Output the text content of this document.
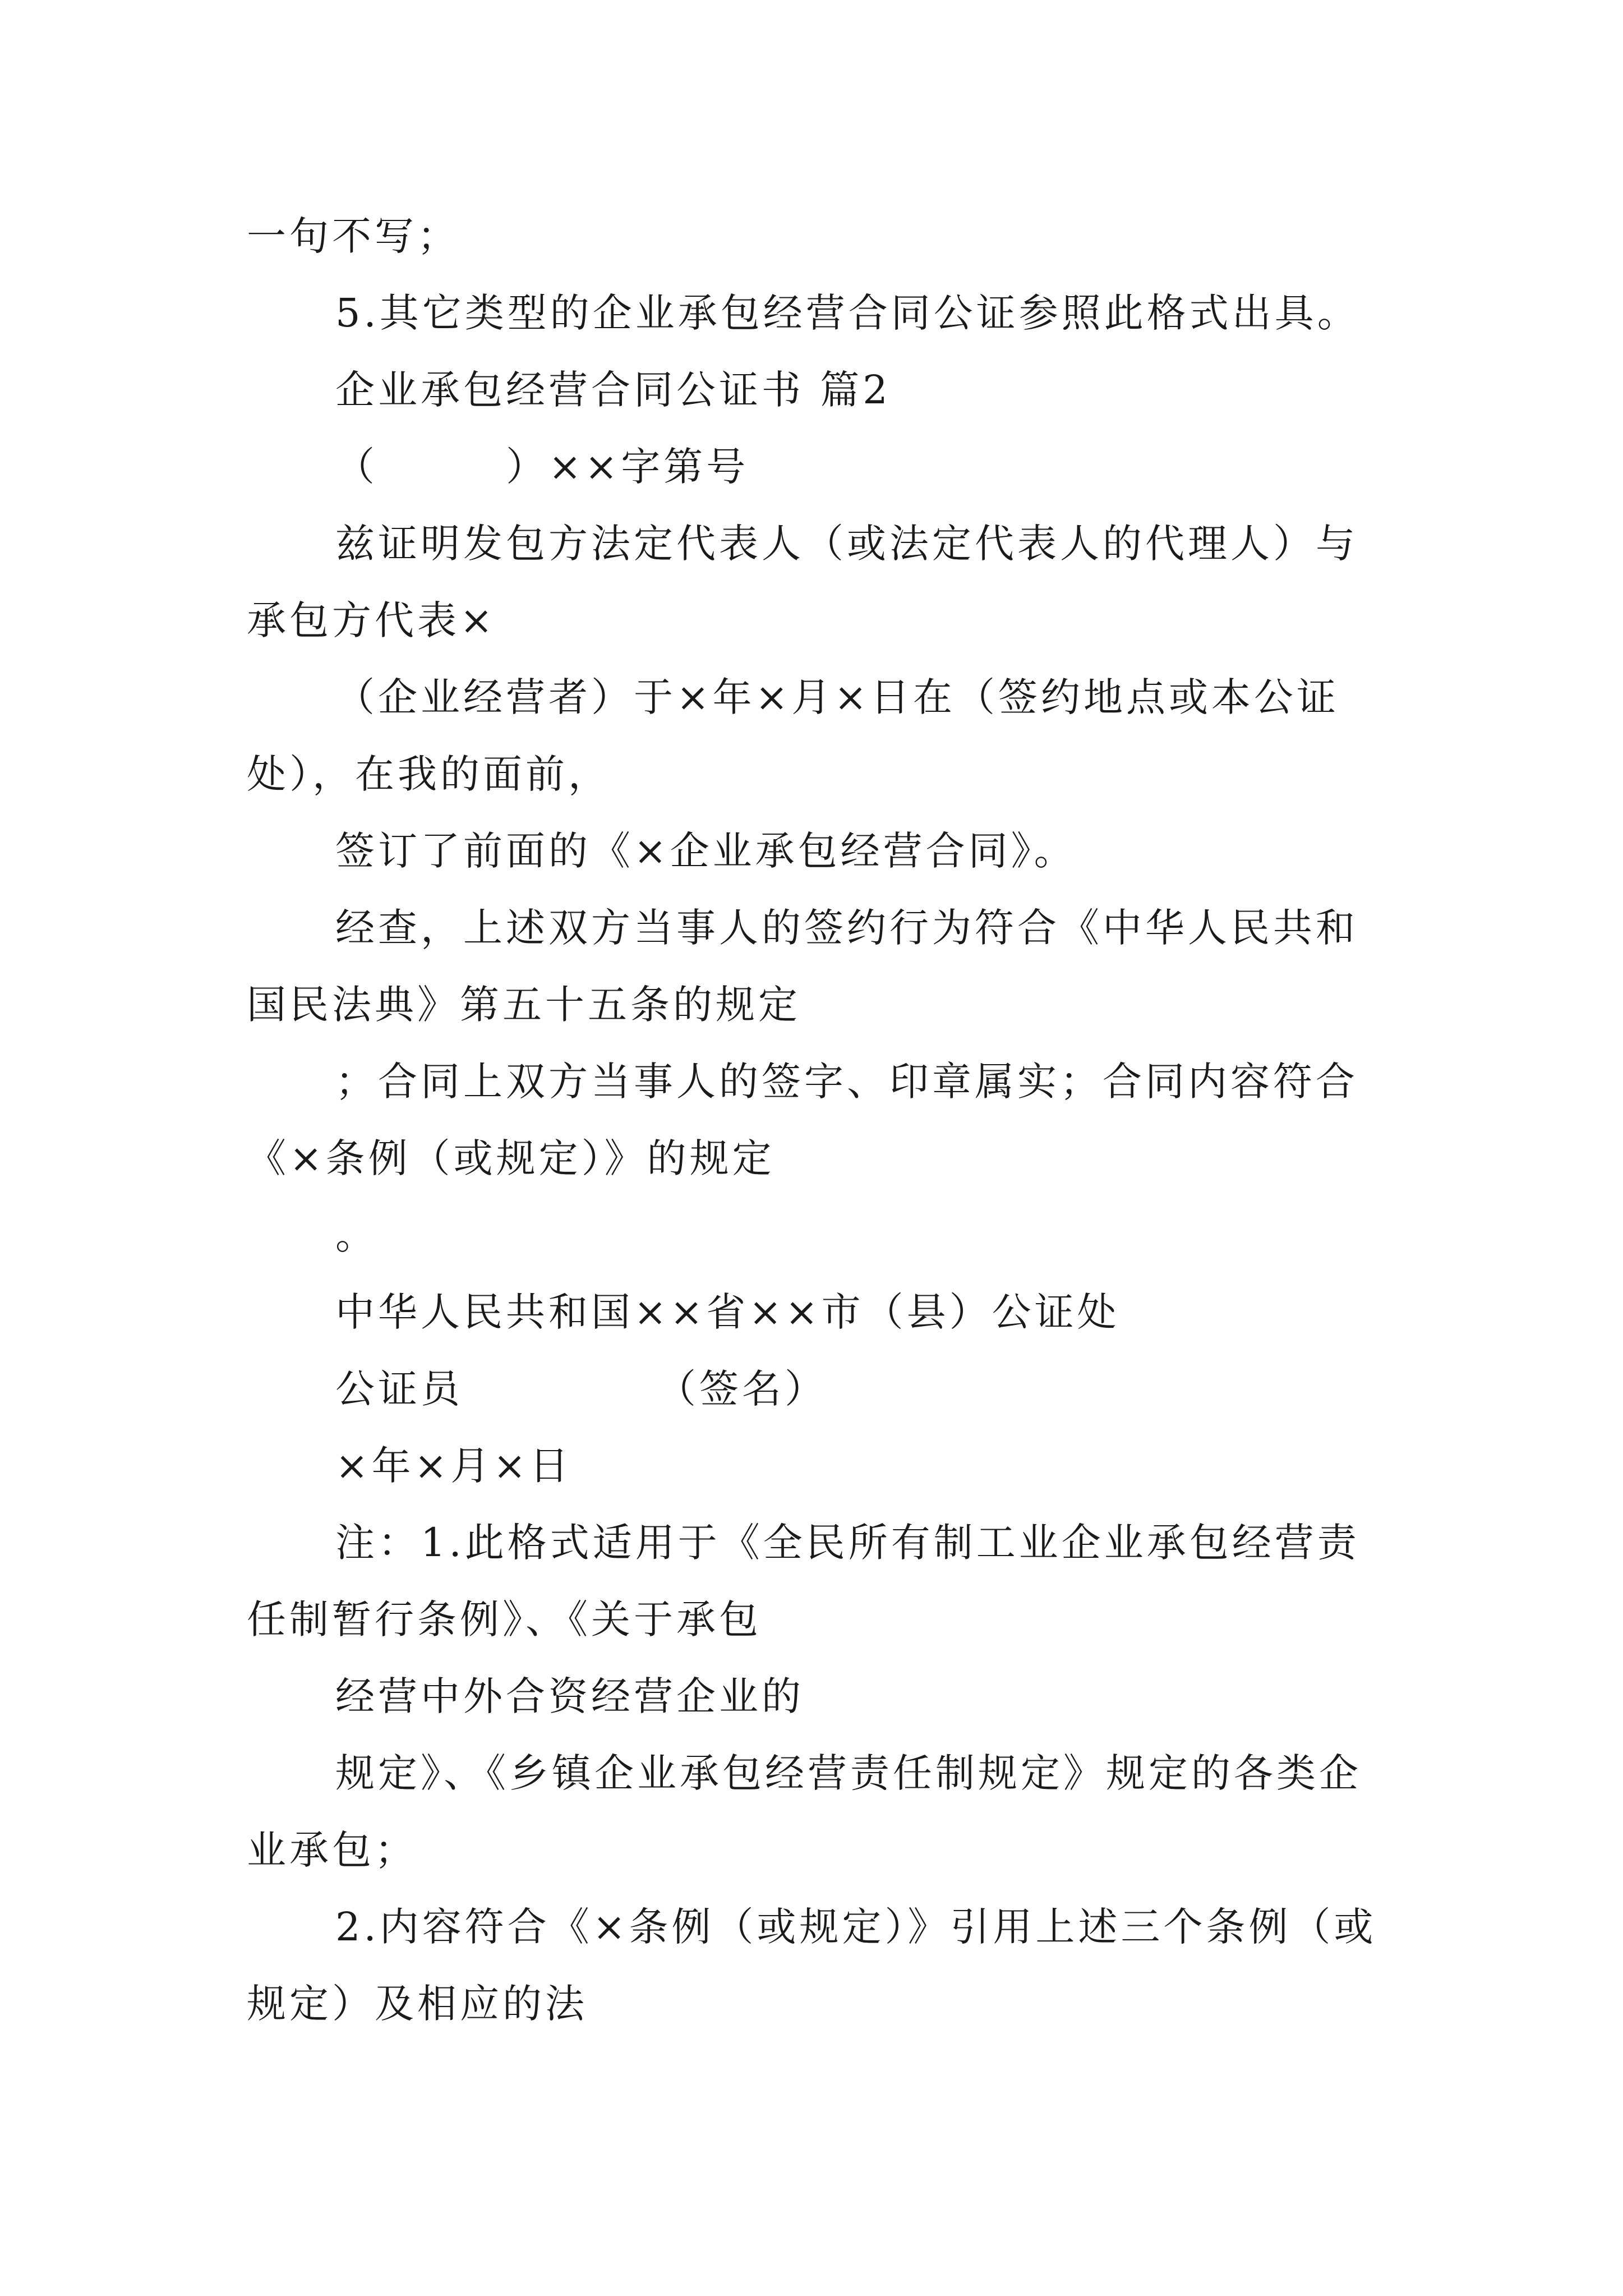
一句不写；

5.其它类型的企业承包经营合同公证参照此格式出具。

企业承包经营合同公证书 篇2

（　　　）××字第号

兹证明发包方法定代表人（或法定代表人的代理人）与

承包方代表×

（企业经营者）于×年×月×日在（签约地点或本公证

处），在我的面前，

签订了前面的《×企业承包经营合同》。

经查，上述双方当事人的签约行为符合《中华人民共和

国民法典》第五十五条的规定

；合同上双方当事人的签字、印章属实；合同内容符合

《×条例（或规定）》的规定

。

中华人民共和国××省××市（县）公证处

公证员　　　　　（签名）

×年×月×日

注：1.此格式适用于《全民所有制工业企业承包经营责

任制暂行条例》、《关于承包

经营中外合资经营企业的

规定》、《乡镇企业承包经营责任制规定》规定的各类企

业承包；

2.内容符合《×条例（或规定）》引用上述三个条例（或

规定）及相应的法
